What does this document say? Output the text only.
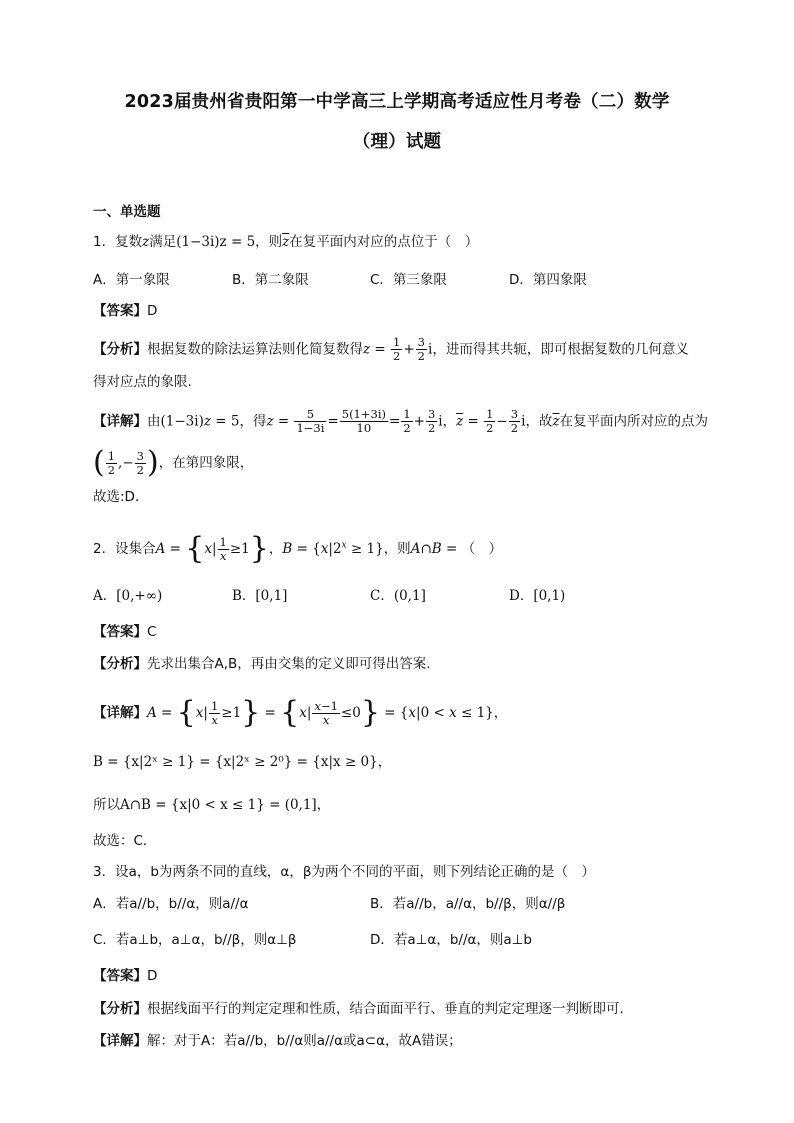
2023届贵州省贵阳第一中学高三上学期高考适应性月考卷（二）数学
（理）试题
一、单选题
1．复数z满足(1−3i)z = 5，则$\overline{z}$在复平面内对应的点位于（　）
A．第一象限	B．第二象限	C．第三象限	D．第四象限
【答案】D
【分析】根据复数的除法运算法则化简复数得$z = \frac{1}{2} + \frac{3}{2}$ i，进而得其共轭，即可根据复数的几何意义
得对应点的象限.
【详解】由(1−3i)z = 5，得$z = \frac{5}{1-3i} = \frac{5(1+3i)}{10} = \frac{1}{2} + \frac{3}{2}$ i，$\overline{z} = \frac{1}{2} - \frac{3}{2}$ i，故$\overline{z}$在复平面内所对应的点为
( $\frac{1}{2}$ ,− $\frac{3}{2}$ )，在第四象限，
故选:D．
2．设集合$A = \{x| \frac{1}{x} \ge 1\}$，$B = \{x|2^x \ge 1\}$，则A∩B = （　）
A．[0,+∞)	B．[0,1]	C．(0,1]	D．[0,1)
【答案】C
【分析】先求出集合A,B，再由交集的定义即可得出答案.
【详解】$A = \{x| \frac{1}{x} \ge 1\} = \{x| \frac{x-1}{x} \le 0\} = \{x|0 < x \le 1\}$，
B = {x|2ˣ ≥ 1} = {x|2ˣ ≥ 2⁰} = {x|x ≥ 0}，
所以A∩B = {x|0 < x ≤ 1} = (0,1]，
故选：C．
3．设a，b为两条不同的直线，α，β为两个不同的平面，则下列结论正确的是（　）
A．若a//b，b//α，则a//α	B．若a//b，a//α，b//β，则α//β
C．若a⊥b，a⊥α，b//β，则α⊥β	D．若a⊥α，b//α，则a⊥b
【答案】D
【分析】根据线面平行的判定定理和性质，结合面面平行、垂直的判定定理逐一判断即可．
【详解】解：对于A：若a//b，b//α则a//α或a⊂α，故A错误；
